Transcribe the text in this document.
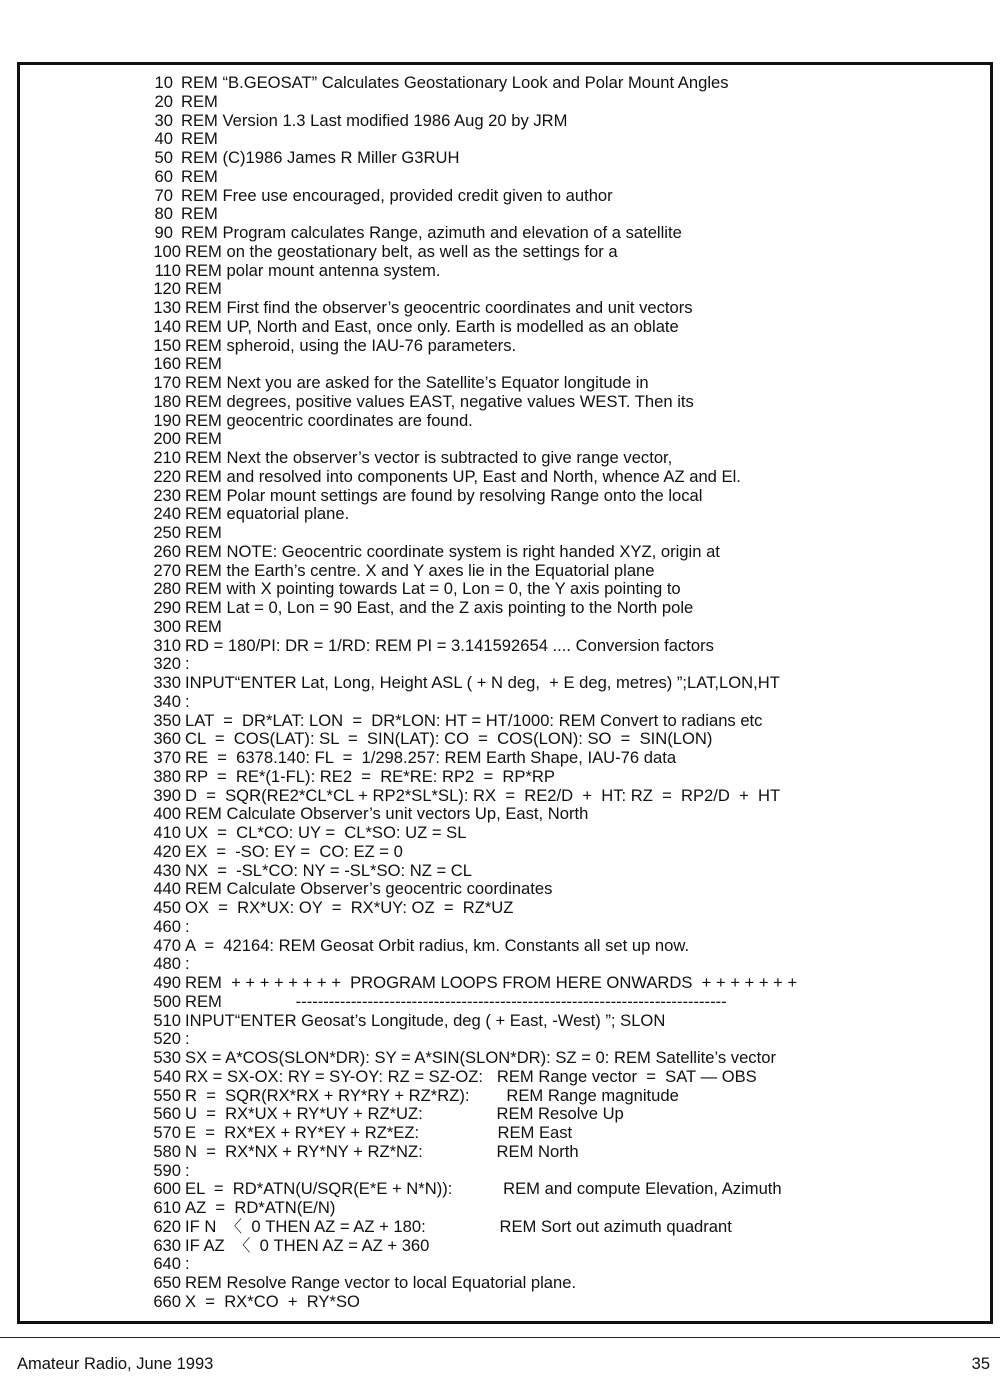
10 REM “B.GEOSAT” Calculates Geostationary Look and Polar Mount Angles
20 REM
30 REM Version 1.3 Last modified 1986 Aug 20 by JRM
40 REM
50 REM (C)1986 James R Miller G3RUH
60 REM
70 REM Free use encouraged, provided credit given to author
80 REM
90 REM Program calculates Range, azimuth and elevation of a satellite
100 REM on the geostationary belt, as well as the settings for a
110 REM polar mount antenna system.
120 REM
130 REM First find the observer’s geocentric coordinates and unit vectors
140 REM UP, North and East, once only. Earth is modelled as an oblate
150 REM spheroid, using the IAU-76 parameters.
160 REM
170 REM Next you are asked for the Satellite’s Equator longitude in
180 REM degrees, positive values EAST, negative values WEST. Then its
190 REM geocentric coordinates are found.
200 REM
210 REM Next the observer’s vector is subtracted to give range vector,
220 REM and resolved into components UP, East and North, whence AZ and El.
230 REM Polar mount settings are found by resolving Range onto the local
240 REM equatorial plane.
250 REM
260 REM NOTE: Geocentric coordinate system is right handed XYZ, origin at
270 REM the Earth’s centre. X and Y axes lie in the Equatorial plane
280 REM with X pointing towards Lat = 0, Lon = 0, the Y axis pointing to
290 REM Lat = 0, Lon = 90 East, and the Z axis pointing to the North pole
300 REM
310 RD = 180/PI: DR = 1/RD: REM PI = 3.141592654 .... Conversion factors
320 :
330 INPUT“ENTER Lat, Long, Height ASL ( + N deg,  + E deg, metres) ”;LAT,LON,HT
340 :
350 LAT  =  DR*LAT: LON  =  DR*LON: HT = HT/1000: REM Convert to radians etc
360 CL  =  COS(LAT): SL  =  SIN(LAT): CO  =  COS(LON): SO  =  SIN(LON)
370 RE  =  6378.140: FL  =  1/298.257: REM Earth Shape, IAU-76 data
380 RP  =  RE*(1-FL): RE2  =  RE*RE: RP2  =  RP*RP
390 D  =  SQR(RE2*CL*CL + RP2*SL*SL): RX  =  RE2/D  +  HT: RZ  =  RP2/D  +  HT
400 REM Calculate Observer’s unit vectors Up, East, North
410 UX  =  CL*CO: UY =  CL*SO: UZ = SL
420 EX  =  -SO: EY =  CO: EZ = 0
430 NX  =  -SL*CO: NY = -SL*SO: NZ = CL
440 REM Calculate Observer’s geocentric coordinates
450 OX  =  RX*UX: OY  =  RX*UY: OZ  =  RZ*UZ
460 :
470 A  =  42164: REM Geosat Orbit radius, km. Constants all set up now.
480 :
490 REM  + + + + + + + +  PROGRAM LOOPS FROM HERE ONWARDS  + + + + + + +
500 REM                ------------------------------------------------------------------------------
510 INPUT“ENTER Geosat’s Longitude, deg ( + East, -West) ”; SLON
520 :
530 SX = A*COS(SLON*DR): SY = A*SIN(SLON*DR): SZ = 0: REM Satellite’s vector
540 RX = SX-OX: RY = SY-OY: RZ = SZ-OZ:   REM Range vector  =  SAT — OBS
550 R  =  SQR(RX*RX + RY*RY + RZ*RZ):        REM Range magnitude
560 U  =  RX*UX + RY*UY + RZ*UZ:                REM Resolve Up
570 E  =  RX*EX + RY*EY + RZ*EZ:                 REM East
580 N  =  RX*NX + RY*NY + RZ*NZ:                REM North
590 :
600 EL  =  RD*ATN(U/SQR(E*E + N*N)):           REM and compute Elevation, Azimuth
610 AZ  =  RD*ATN(E/N)
620 IF N  〈  0 THEN AZ = AZ + 180:                REM Sort out azimuth quadrant
630 IF AZ  〈  0 THEN AZ = AZ + 360
640 :
650 REM Resolve Range vector to local Equatorial plane.
660 X  =  RX*CO  +  RY*SO
Amateur Radio, June 1993	35
